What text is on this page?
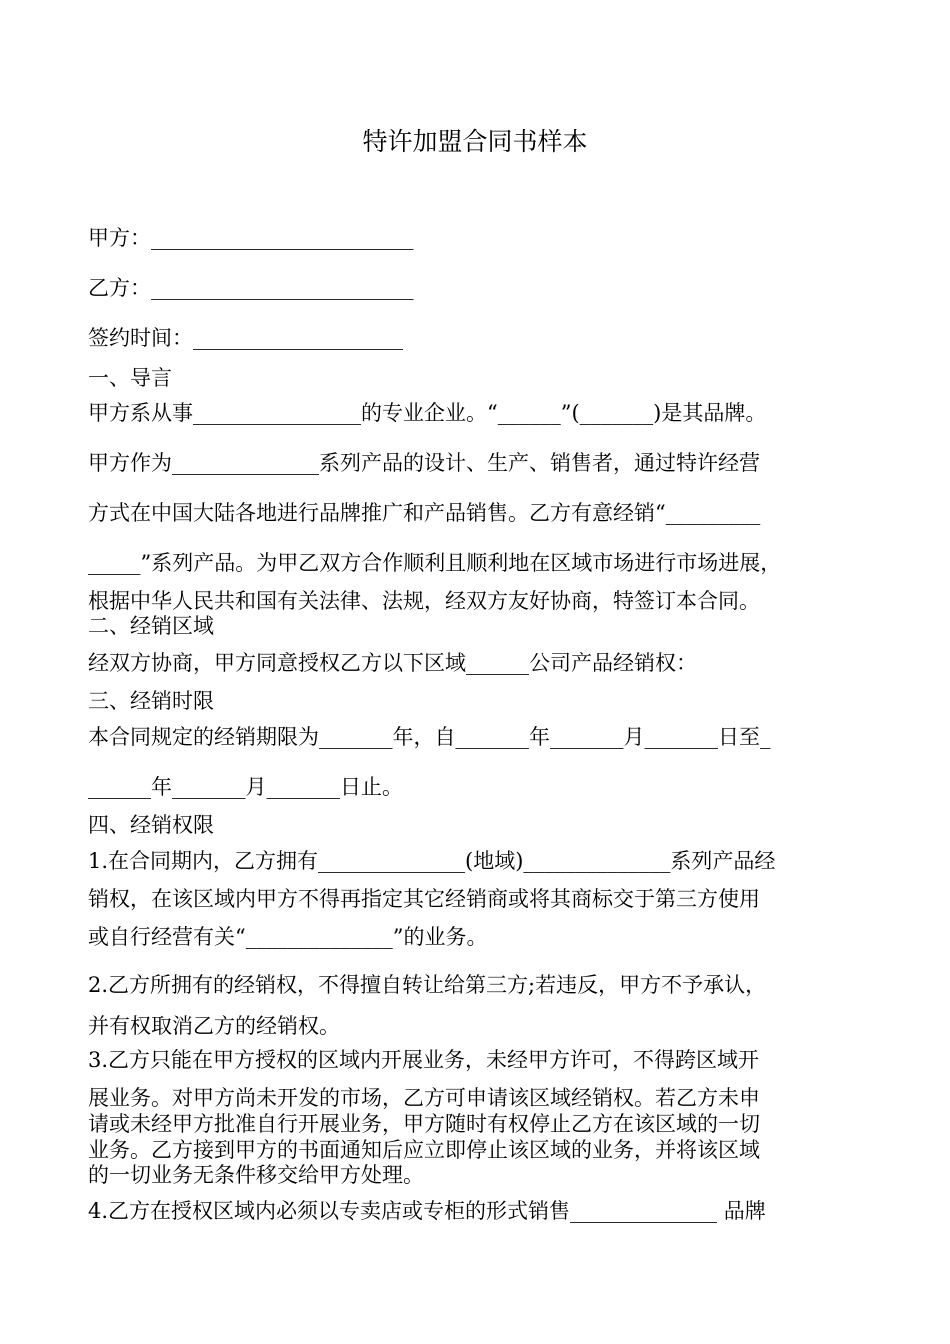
特许加盟合同书样本
甲方：_________________________
乙方：_________________________
签约时间：____________________
一、导言
甲方系从事________________的专业企业。“______”(_______)是其品牌。
甲方作为______________系列产品的设计、生产、销售者，通过特许经营
方式在中国大陆各地进行品牌推广和产品销售。乙方有意经销“_________
_____”系列产品。为甲乙双方合作顺利且顺利地在区域市场进行市场进展，
根据中华人民共和国有关法律、法规，经双方友好协商，特签订本合同。
二、经销区域
经双方协商，甲方同意授权乙方以下区域______公司产品经销权：
三、经销时限
本合同规定的经销期限为_______年，自_______年_______月_______日至_
______年_______月_______日止。
四、经销权限
1.在合同期内，乙方拥有______________(地域)______________系列产品经
销权，在该区域内甲方不得再指定其它经销商或将其商标交于第三方使用
或自行经营有关“______________”的业务。
2.乙方所拥有的经销权，不得擅自转让给第三方;若违反，甲方不予承认，
并有权取消乙方的经销权。
3.乙方只能在甲方授权的区域内开展业务，未经甲方许可，不得跨区域开
展业务。对甲方尚未开发的市场，乙方可申请该区域经销权。若乙方未申
请或未经甲方批准自行开展业务，甲方随时有权停止乙方在该区域的一切
业务。乙方接到甲方的书面通知后应立即停止该区域的业务，并将该区域
的一切业务无条件移交给甲方处理。
4.乙方在授权区域内必须以专卖店或专柜的形式销售______________ 品牌
